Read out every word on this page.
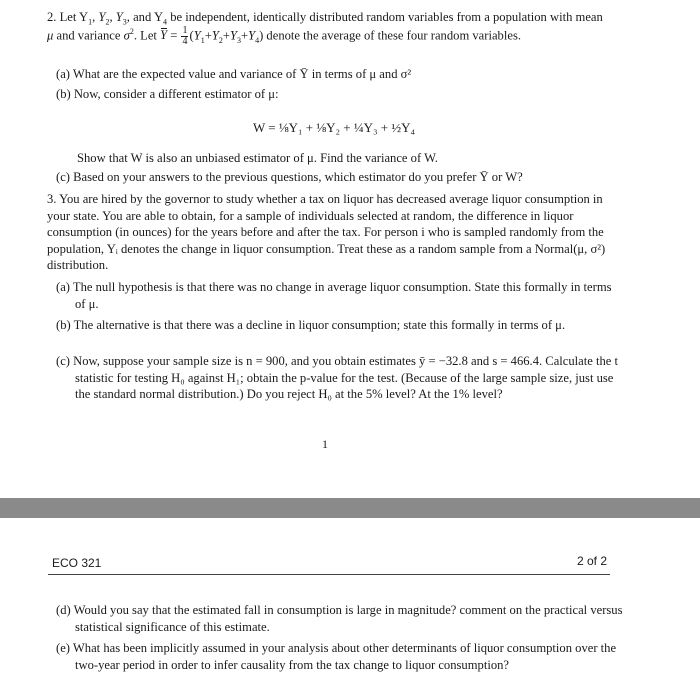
2. Let $Y_1$, $Y_2$, $Y_3$, and $Y_4$ be independent, identically distributed random variables from a population with mean μ and variance $\sigma^2$. Let $Y = \frac{1}{4} (Y_1+Y_2+Y_3+Y_4)$ denote the average of these four random variables.
(a) What are the expected value and variance of Ȳ in terms of μ and σ²
(b) Now, consider a different estimator of μ:
W = ⅛Y₁ + ⅛Y₂ + ¼Y₃ + ½Y₄
Show that W is also an unbiased estimator of μ. Find the variance of W.
(c) Based on your answers to the previous questions, which estimator do you prefer Ȳ or W?
3. You are hired by the governor to study whether a tax on liquor has decreased average liquor consumption in your state. You are able to obtain, for a sample of individuals selected at random, the difference in liquor consumption (in ounces) for the years before and after the tax. For person i who is sampled randomly from the population, Yᵢ denotes the change in liquor consumption. Treat these as a random sample from a Normal(μ, σ²) distribution.
(a) The null hypothesis is that there was no change in average liquor consumption. State this formally in terms of μ.
(b) The alternative is that there was a decline in liquor consumption; state this formally in terms of μ.
(c) Now, suppose your sample size is n = 900, and you obtain estimates ȳ = −32.8 and s = 466.4. Calculate the t statistic for testing H₀ against H₁; obtain the p-value for the test. (Because of the large sample size, just use the standard normal distribution.) Do you reject H₀ at the 5% level? At the 1% level?
1
ECO 321	2 of 2
(d) Would you say that the estimated fall in consumption is large in magnitude? comment on the practical versus statistical significance of this estimate.
(e) What has been implicitly assumed in your analysis about other determinants of liquor consumption over the two-year period in order to infer causality from the tax change to liquor consumption?
